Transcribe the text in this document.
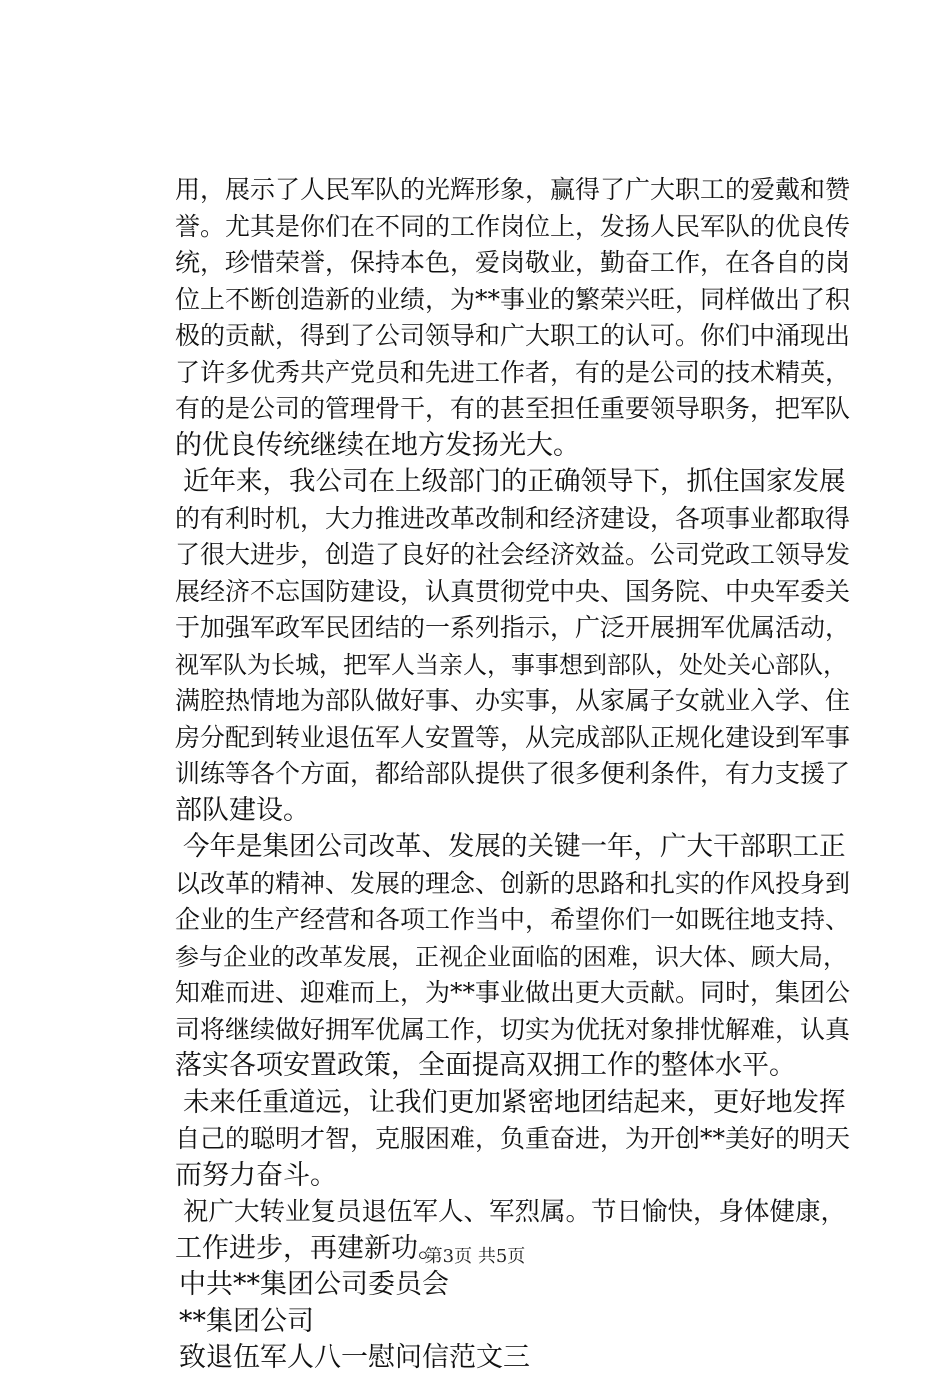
用，展示了人民军队的光辉形象，赢得了广大职工的爱戴和赞
誉。尤其是你们在不同的工作岗位上，发扬人民军队的优良传
统，珍惜荣誉，保持本色，爱岗敬业，勤奋工作，在各自的岗
位上不断创造新的业绩，为**事业的繁荣兴旺，同样做出了积
极的贡献，得到了公司领导和广大职工的认可。你们中涌现出
了许多优秀共产党员和先进工作者，有的是公司的技术精英，
有的是公司的管理骨干，有的甚至担任重要领导职务，把军队
的优良传统继续在地方发扬光大。
近年来，我公司在上级部门的正确领导下，抓住国家发展
的有利时机，大力推进改革改制和经济建设，各项事业都取得
了很大进步，创造了良好的社会经济效益。公司党政工领导发
展经济不忘国防建设，认真贯彻党中央、国务院、中央军委关
于加强军政军民团结的一系列指示，广泛开展拥军优属活动，
视军队为长城，把军人当亲人，事事想到部队，处处关心部队，
满腔热情地为部队做好事、办实事，从家属子女就业入学、住
房分配到转业退伍军人安置等，从完成部队正规化建设到军事
训练等各个方面，都给部队提供了很多便利条件，有力支援了
部队建设。
今年是集团公司改革、发展的关键一年，广大干部职工正
以改革的精神、发展的理念、创新的思路和扎实的作风投身到
企业的生产经营和各项工作当中，希望你们一如既往地支持、
参与企业的改革发展，正视企业面临的困难，识大体、顾大局，
知难而进、迎难而上，为**事业做出更大贡献。同时，集团公
司将继续做好拥军优属工作，切实为优抚对象排忧解难，认真
落实各项安置政策，全面提高双拥工作的整体水平。
未来任重道远，让我们更加紧密地团结起来，更好地发挥
自己的聪明才智，克服困难，负重奋进，为开创**美好的明天
而努力奋斗。
祝广大转业复员退伍军人、军烈属。节日愉快，身体健康，
工作进步，再建新功。
中共**集团公司委员会
**集团公司
致退伍军人八一慰问信范文三
第3页 共5页
